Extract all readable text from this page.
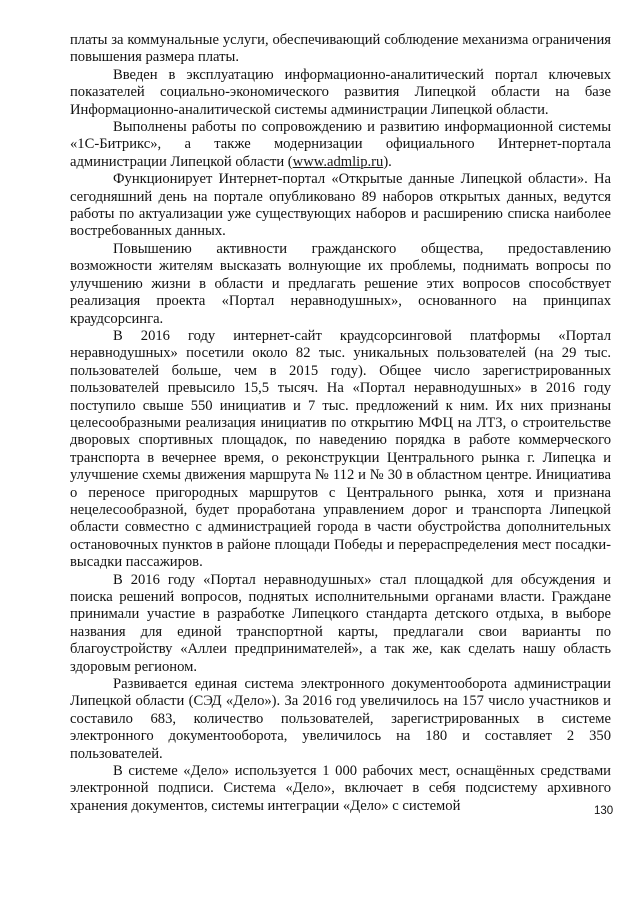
платы за коммунальные услуги, обеспечивающий соблюдение механизма ограничения повышения размера платы.

Введен в эксплуатацию информационно-аналитический портал ключевых показателей социально-экономического развития Липецкой области на базе Информационно-аналитической системы администрации Липецкой области.

Выполнены работы по сопровождению и развитию информационной системы «1С-Битрикс», а также модернизации официального Интернет-портала администрации Липецкой области (www.admlip.ru).

Функционирует Интернет-портал «Открытые данные Липецкой области». На сегодняшний день на портале опубликовано 89 наборов открытых данных, ведутся работы по актуализации уже существующих наборов и расширению списка наиболее востребованных данных.

Повышению активности гражданского общества, предоставлению возможности жителям высказать волнующие их проблемы, поднимать вопросы по улучшению жизни в области и предлагать решение этих вопросов способствует реализация проекта «Портал неравнодушных», основанного на принципах краудсорсинга.

В 2016 году интернет-сайт краудсорсинговой платформы «Портал неравнодушных» посетили около 82 тыс. уникальных пользователей (на 29 тыс. пользователей больше, чем в 2015 году). Общее число зарегистрированных пользователей превысило 15,5 тысяч. На «Портал неравнодушных» в 2016 году поступило свыше 550 инициатив и 7 тыс. предложений к ним. Их них признаны целесообразными реализация инициатив по открытию МФЦ на ЛТЗ, о строительстве дворовых спортивных площадок, по наведению порядка в работе коммерческого транспорта в вечернее время, о реконструкции Центрального рынка г. Липецка и улучшение схемы движения маршрута № 112 и № 30 в областном центре. Инициатива о переносе пригородных маршрутов с Центрального рынка, хотя и признана нецелесообразной, будет проработана управлением дорог и транспорта Липецкой области совместно с администрацией города в части обустройства дополнительных остановочных пунктов в районе площади Победы и перераспределения мест посадки-высадки пассажиров.

В 2016 году «Портал неравнодушных» стал площадкой для обсуждения и поиска решений вопросов, поднятых исполнительными органами власти. Граждане принимали участие в разработке Липецкого стандарта детского отдыха, в выборе названия для единой транспортной карты, предлагали свои варианты по благоустройству «Аллеи предпринимателей», а так же, как сделать нашу область здоровым регионом.

Развивается единая система электронного документооборота администрации Липецкой области (СЭД «Дело»). За 2016 год увеличилось на 157 число участников и составило 683, количество пользователей, зарегистрированных в системе электронного документооборота, увеличилось на 180 и составляет 2 350 пользователей.

В системе «Дело» используется 1 000 рабочих мест, оснащённых средствами электронной подписи. Система «Дело», включает в себя подсистему архивного хранения документов, системы интеграции «Дело» с системой	130
